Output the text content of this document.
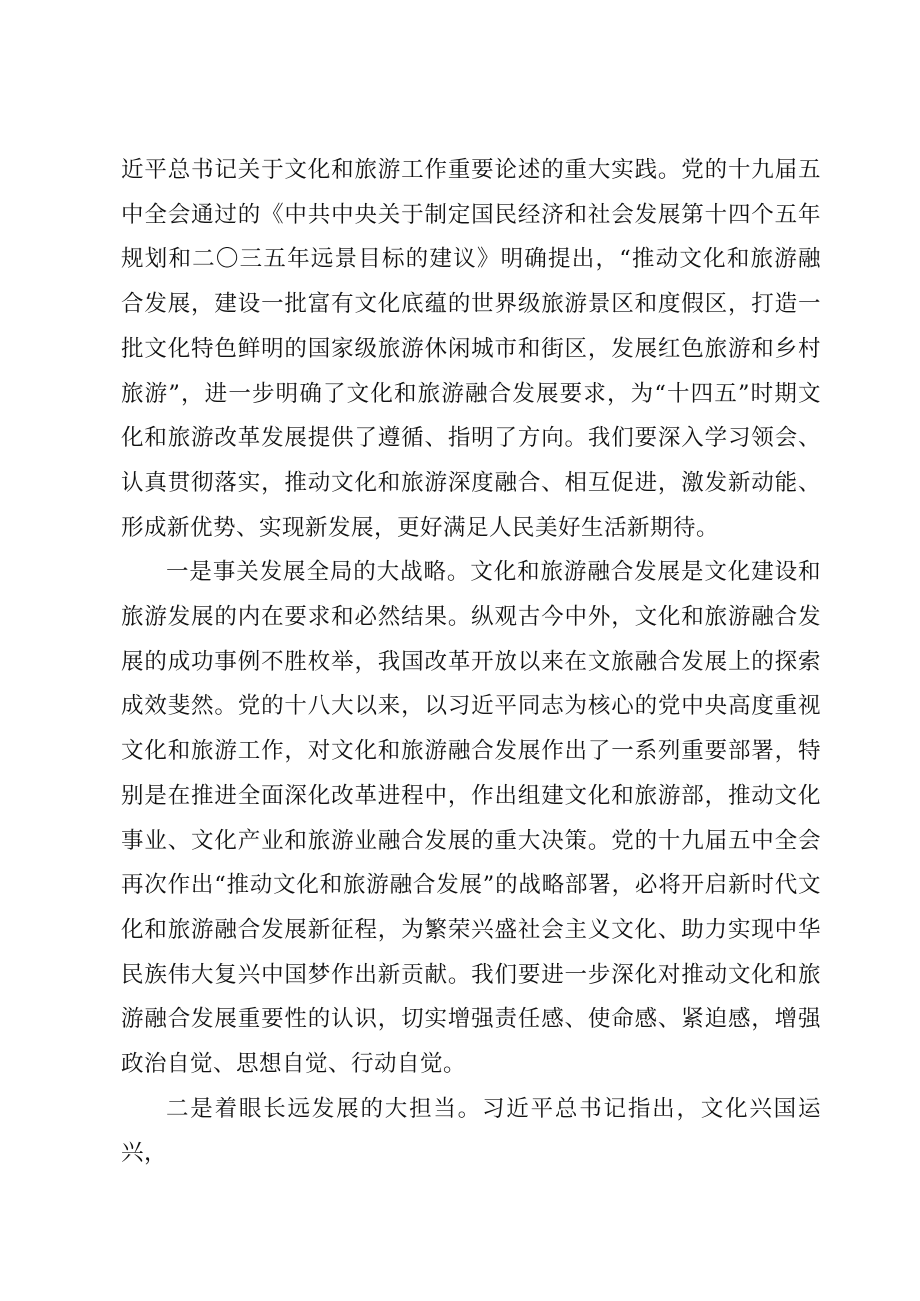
近平总书记关于文化和旅游工作重要论述的重大实践。党的十九届五中全会通过的《中共中央关于制定国民经济和社会发展第十四个五年规划和二〇三五年远景目标的建议》明确提出，“推动文化和旅游融合发展，建设一批富有文化底蕴的世界级旅游景区和度假区，打造一批文化特色鲜明的国家级旅游休闲城市和街区，发展红色旅游和乡村旅游”，进一步明确了文化和旅游融合发展要求，为“十四五”时期文化和旅游改革发展提供了遵循、指明了方向。我们要深入学习领会、认真贯彻落实，推动文化和旅游深度融合、相互促进，激发新动能、形成新优势、实现新发展，更好满足人民美好生活新期待。

一是事关发展全局的大战略。文化和旅游融合发展是文化建设和旅游发展的内在要求和必然结果。纵观古今中外，文化和旅游融合发展的成功事例不胜枚举，我国改革开放以来在文旅融合发展上的探索成效斐然。党的十八大以来，以习近平同志为核心的党中央高度重视文化和旅游工作，对文化和旅游融合发展作出了一系列重要部署，特别是在推进全面深化改革进程中，作出组建文化和旅游部，推动文化事业、文化产业和旅游业融合发展的重大决策。党的十九届五中全会再次作出“推动文化和旅游融合发展”的战略部署，必将开启新时代文化和旅游融合发展新征程，为繁荣兴盛社会主义文化、助力实现中华民族伟大复兴中国梦作出新贡献。我们要进一步深化对推动文化和旅游融合发展重要性的认识，切实增强责任感、使命感、紧迫感，增强政治自觉、思想自觉、行动自觉。

二是着眼长远发展的大担当。习近平总书记指出，文化兴国运兴，
